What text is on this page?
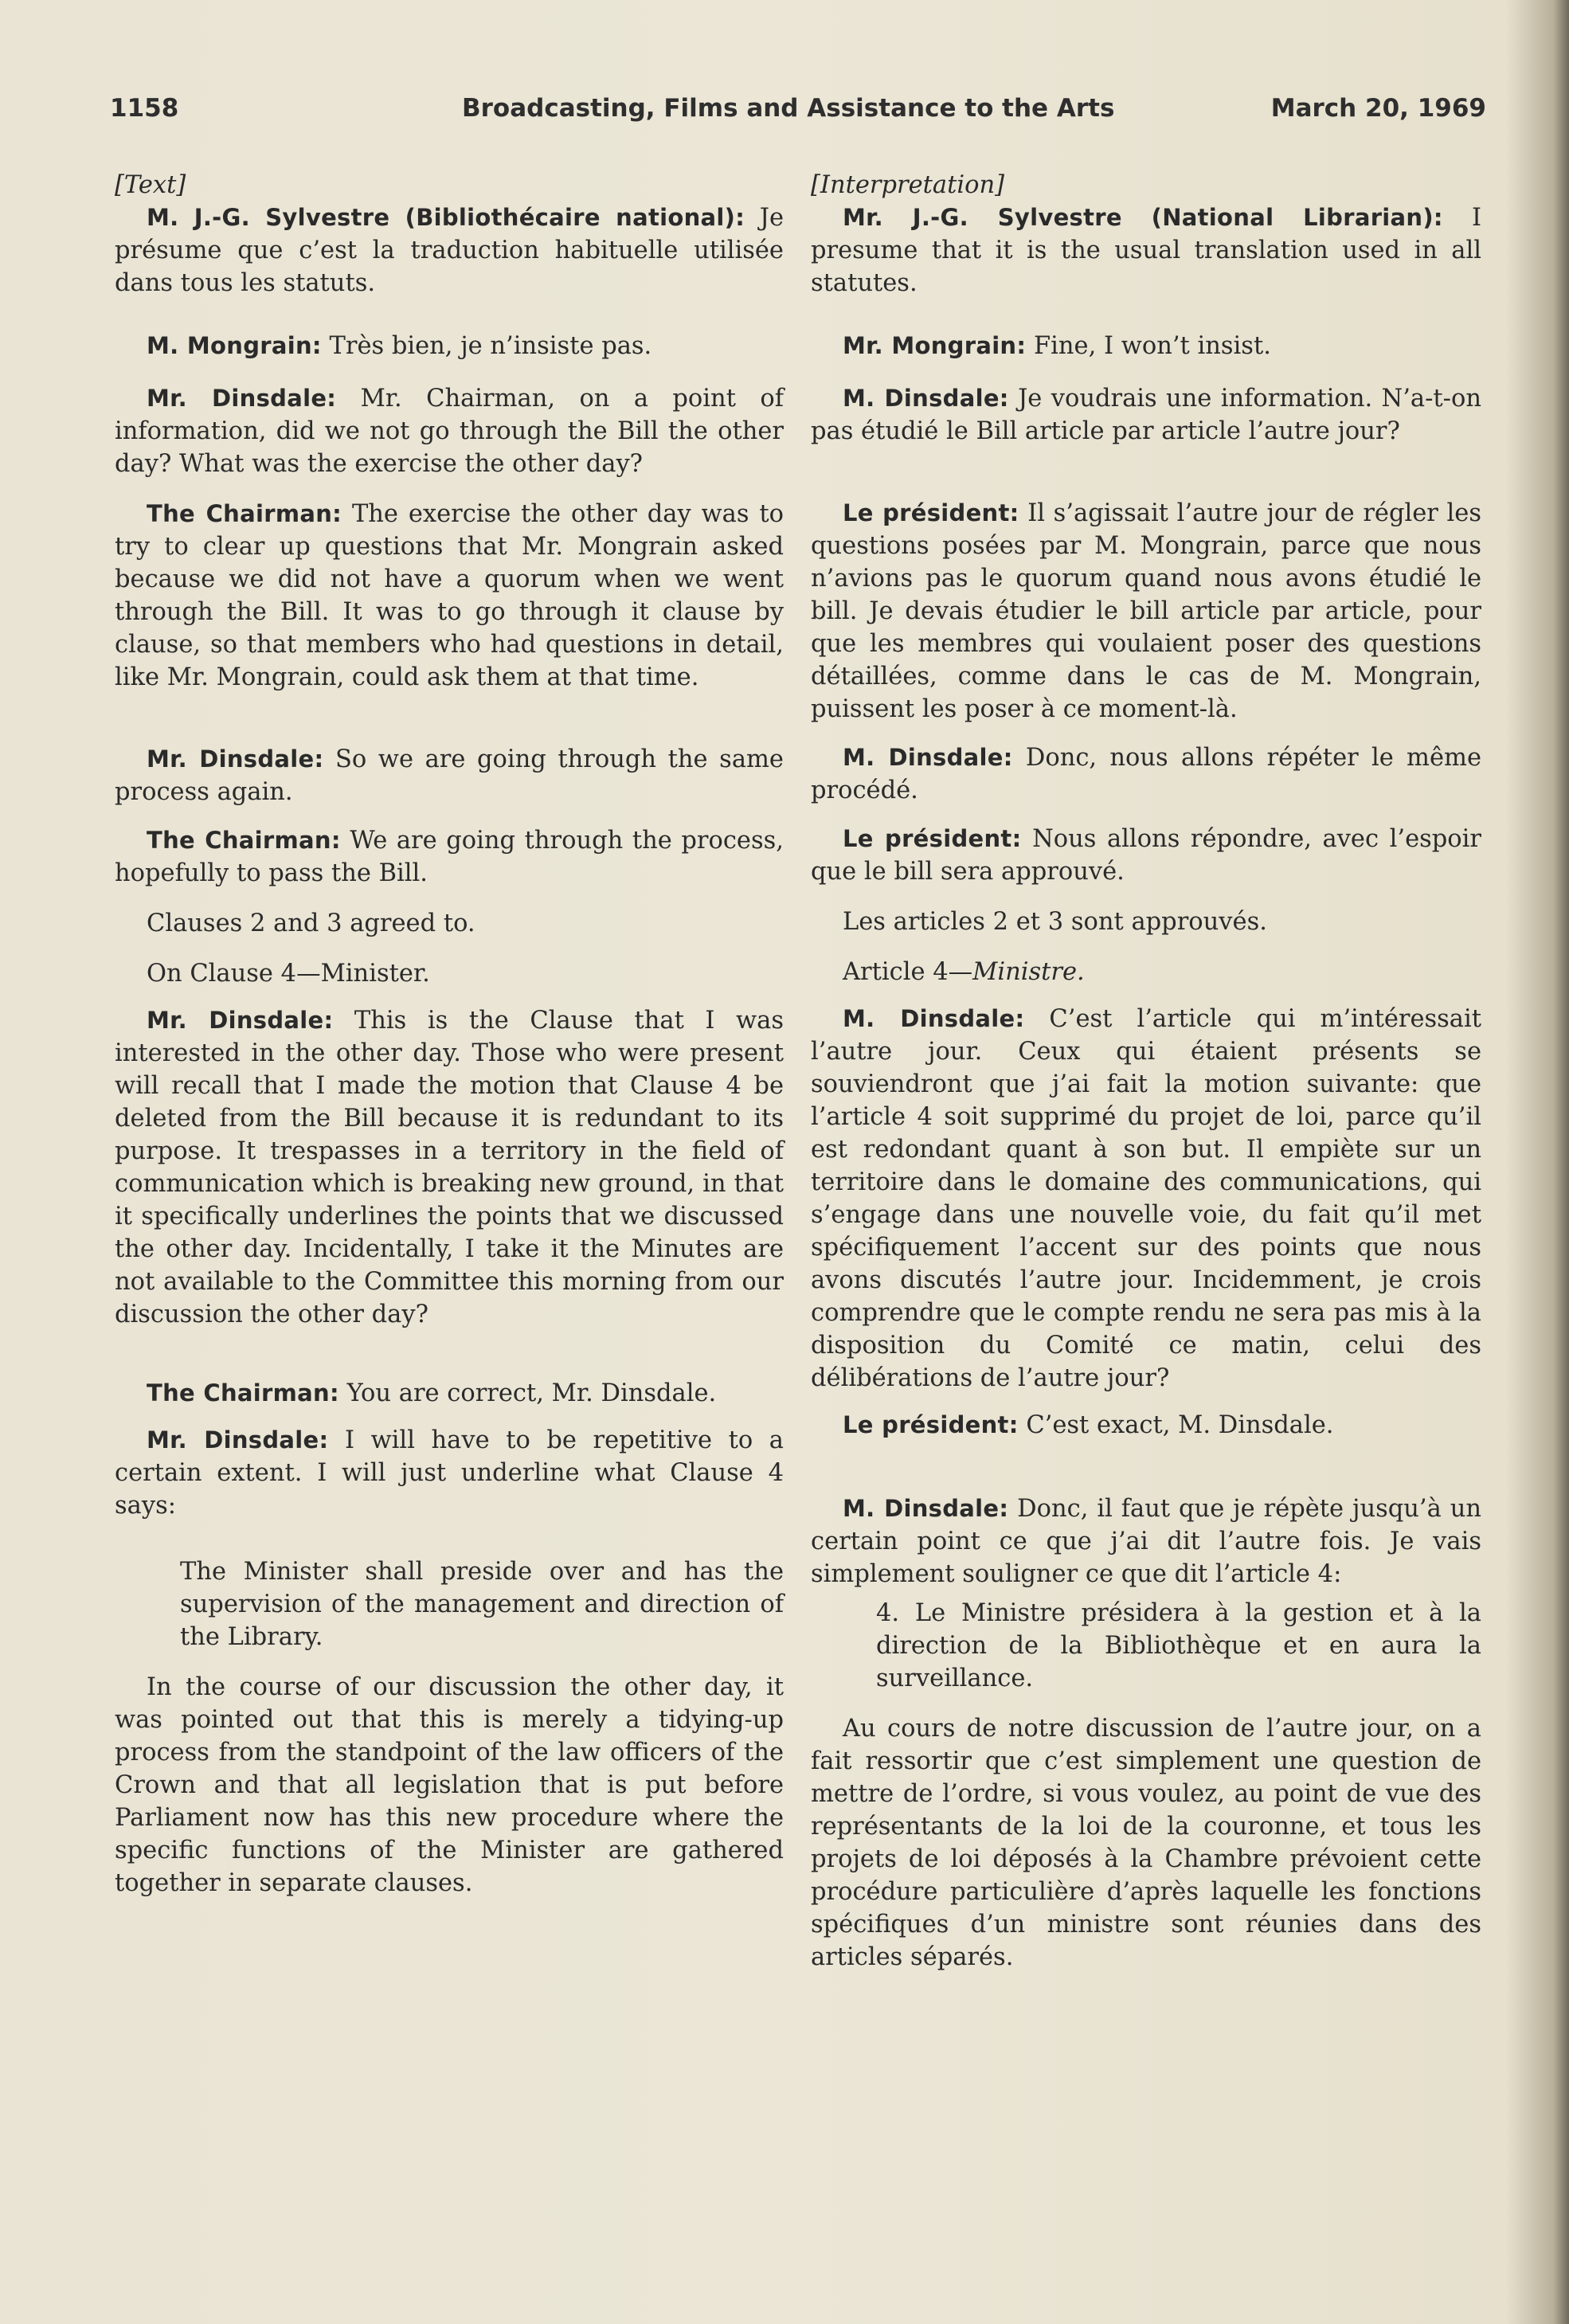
1158	Broadcasting, Films and Assistance to the Arts	March 20, 1969

[Text]

M. J.-G. Sylvestre (Bibliothécaire national): Je présume que c’est la traduction habituelle utilisée dans tous les statuts.

M. Mongrain: Très bien, je n’insiste pas.

Mr. Dinsdale: Mr. Chairman, on a point of information, did we not go through the Bill the other day? What was the exercise the other day?

The Chairman: The exercise the other day was to try to clear up questions that Mr. Mongrain asked because we did not have a quorum when we went through the Bill. It was to go through it clause by clause, so that members who had questions in detail, like Mr. Mongrain, could ask them at that time.

Mr. Dinsdale: So we are going through the same process again.

The Chairman: We are going through the process, hopefully to pass the Bill.

Clauses 2 and 3 agreed to.

On Clause 4—Minister.

Mr. Dinsdale: This is the Clause that I was interested in the other day. Those who were present will recall that I made the motion that Clause 4 be deleted from the Bill because it is redundant to its purpose. It trespasses in a territory in the field of communication which is breaking new ground, in that it specifically underlines the points that we discussed the other day. Incidentally, I take it the Minutes are not available to the Committee this morning from our discussion the other day?

The Chairman: You are correct, Mr. Dinsdale.

Mr. Dinsdale: I will have to be repetitive to a certain extent. I will just underline what Clause 4 says:

The Minister shall preside over and has the supervision of the management and direction of the Library.

In the course of our discussion the other day, it was pointed out that this is merely a tidying-up process from the standpoint of the law officers of the Crown and that all legislation that is put before Parliament now has this new procedure where the specific functions of the Minister are gathered together in separate clauses.

[Interpretation]

Mr. J.-G. Sylvestre (National Librarian): I presume that it is the usual translation used in all statutes.

Mr. Mongrain: Fine, I won’t insist.

M. Dinsdale: Je voudrais une information. N’a-t-on pas étudié le Bill article par article l’autre jour?

Le président: Il s’agissait l’autre jour de régler les questions posées par M. Mongrain, parce que nous n’avions pas le quorum quand nous avons étudié le bill. Je devais étudier le bill article par article, pour que les membres qui voulaient poser des questions détaillées, comme dans le cas de M. Mongrain, puissent les poser à ce moment-là.

M. Dinsdale: Donc, nous allons répéter le même procédé.

Le président: Nous allons répondre, avec l’espoir que le bill sera approuvé.

Les articles 2 et 3 sont approuvés.

Article 4—Ministre.

M. Dinsdale: C’est l’article qui m’intéressait l’autre jour. Ceux qui étaient présents se souviendront que j’ai fait la motion suivante: que l’article 4 soit supprimé du projet de loi, parce qu’il est redondant quant à son but. Il empiète sur un territoire dans le domaine des communications, qui s’engage dans une nouvelle voie, du fait qu’il met spécifiquement l’accent sur des points que nous avons discutés l’autre jour. Incidemment, je crois comprendre que le compte rendu ne sera pas mis à la disposition du Comité ce matin, celui des délibérations de l’autre jour?

Le président: C’est exact, M. Dinsdale.

M. Dinsdale: Donc, il faut que je répète jusqu’à un certain point ce que j’ai dit l’autre fois. Je vais simplement souligner ce que dit l’article 4:

4. Le Ministre présidera à la gestion et à la direction de la Bibliothèque et en aura la surveillance.

Au cours de notre discussion de l’autre jour, on a fait ressortir que c’est simplement une question de mettre de l’ordre, si vous voulez, au point de vue des représentants de la loi de la couronne, et tous les projets de loi déposés à la Chambre prévoient cette procédure particulière d’après laquelle les fonctions spécifiques d’un ministre sont réunies dans des articles séparés.
